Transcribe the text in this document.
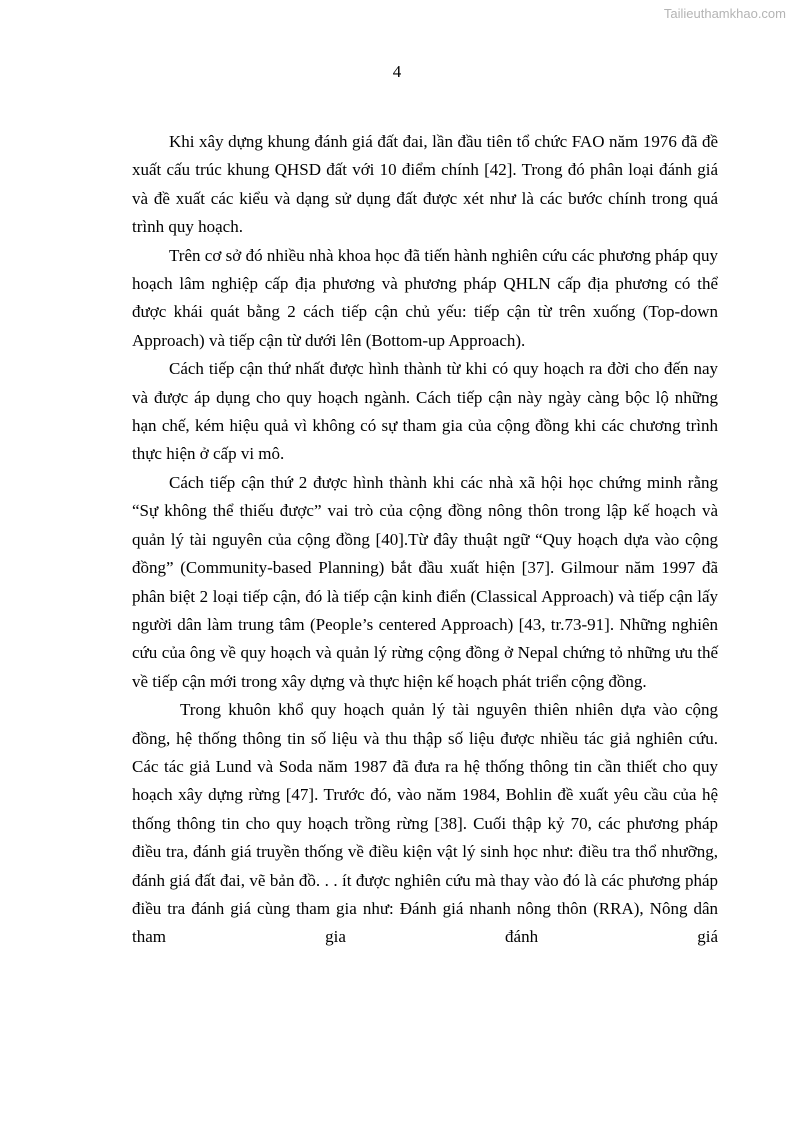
Tailieuthamkhao.com

4

Khi xây dựng khung đánh giá đất đai, lần đầu tiên tổ chức FAO năm 1976 đã đề xuất cấu trúc khung QHSD đất với 10 điểm chính [42]. Trong đó phân loại đánh giá và đề xuất các kiểu và dạng sử dụng đất được xét như là các bước chính trong quá trình quy hoạch.

Trên cơ sở đó nhiều nhà khoa học đã tiến hành nghiên cứu các phương pháp quy hoạch lâm nghiệp cấp địa phương và phương pháp QHLN cấp địa phương có thể được khái quát bằng 2 cách tiếp cận chủ yếu: tiếp cận từ trên xuống (Top-down Approach) và tiếp cận từ dưới lên (Bottom-up Approach).

Cách tiếp cận thứ nhất được hình thành từ khi có quy hoạch ra đời cho đến nay và được áp dụng cho quy hoạch ngành. Cách tiếp cận này ngày càng bộc lộ những hạn chế, kém hiệu quả vì không có sự tham gia của cộng đồng khi các chương trình thực hiện ở cấp vi mô.

Cách tiếp cận thứ 2 được hình thành khi các nhà xã hội học chứng minh rằng “Sự không thể thiếu được” vai trò của cộng đồng nông thôn trong lập kế hoạch và quản lý tài nguyên của cộng đồng [40].Từ đây thuật ngữ “Quy hoạch dựa vào cộng đồng” (Community-based Planning) bắt đầu xuất hiện [37]. Gilmour năm 1997 đã phân biệt 2 loại tiếp cận, đó là tiếp cận kinh điển (Classical Approach) và tiếp cận lấy người dân làm trung tâm (People’s centered Approach) [43, tr.73-91]. Những nghiên cứu của ông về quy hoạch và quản lý rừng cộng đồng ở Nepal chứng tỏ những ưu thế về tiếp cận mới trong xây dựng và thực hiện kế hoạch phát triển cộng đồng.

Trong khuôn khổ quy hoạch quản lý tài nguyên thiên nhiên dựa vào cộng đồng, hệ thống thông tin số liệu và thu thập số liệu được nhiều tác giả nghiên cứu. Các tác giả Lund và Soda năm 1987 đã đưa ra hệ thống thông tin cần thiết cho quy hoạch xây dựng rừng [47]. Trước đó, vào năm 1984, Bohlin đề xuất yêu cầu của hệ thống thông tin cho quy hoạch trồng rừng [38]. Cuối thập kỷ 70, các phương pháp điều tra, đánh giá truyền thống về điều kiện vật lý sinh học như: điều tra thổ nhưỡng, đánh giá đất đai, vẽ bản đồ. . . ít được nghiên cứu mà thay vào đó là các phương pháp điều tra đánh giá cùng tham gia như: Đánh giá nhanh nông thôn (RRA), Nông dân tham gia đánh giá
